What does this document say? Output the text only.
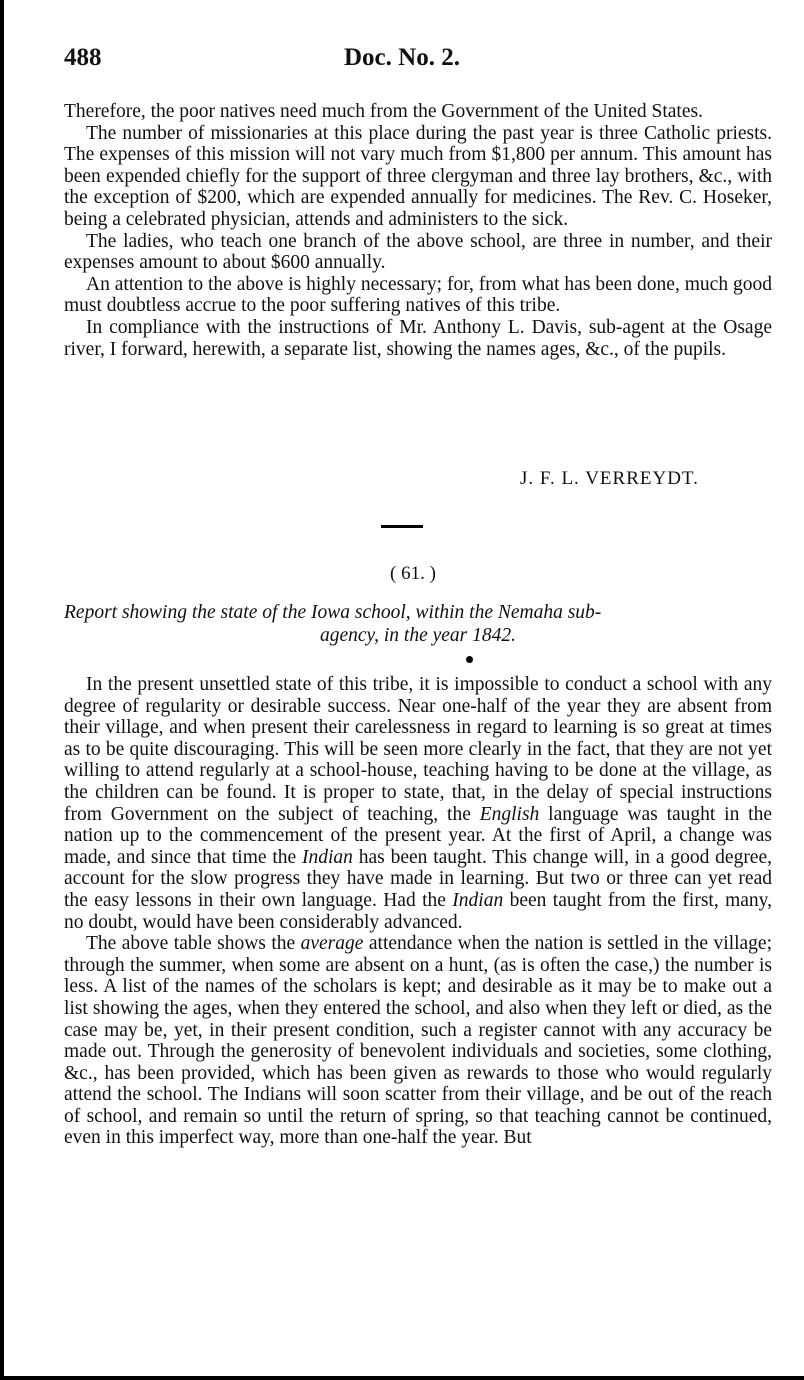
488	Doc. No. 2.

Therefore, the poor natives need much from the Government of the United States.

The number of missionaries at this place during the past year is three Catholic priests. The expenses of this mission will not vary much from $1,800 per annum. This amount has been expended chiefly for the support of three clergyman and three lay brothers, &c., with the exception of $200, which are expended annually for medicines. The Rev. C. Hoseker, being a celebrated physician, attends and administers to the sick.

The ladies, who teach one branch of the above school, are three in number, and their expenses amount to about $600 annually.

An attention to the above is highly necessary; for, from what has been done, much good must doubtless accrue to the poor suffering natives of this tribe.

In compliance with the instructions of Mr. Anthony L. Davis, sub-agent at the Osage river, I forward, herewith, a separate list, showing the names ages, &c., of the pupils.

J. F. L. VERREYDT.
( 61. )
Report showing the state of the Iowa school, within the Nemaha sub-
agency, in the year 1842.

In the present unsettled state of this tribe, it is impossible to conduct a school with any degree of regularity or desirable success. Near one-half of the year they are absent from their village, and when present their carelessness in regard to learning is so great at times as to be quite discouraging. This will be seen more clearly in the fact, that they are not yet willing to attend regularly at a school-house, teaching having to be done at the village, as the children can be found. It is proper to state, that, in the delay of special instructions from Government on the subject of teaching, the English language was taught in the nation up to the commencement of the present year. At the first of April, a change was made, and since that time the Indian has been taught. This change will, in a good degree, account for the slow progress they have made in learning. But two or three can yet read the easy lessons in their own language. Had the Indian been taught from the first, many, no doubt, would have been considerably advanced.

The above table shows the average attendance when the nation is settled in the village; through the summer, when some are absent on a hunt, (as is often the case,) the number is less. A list of the names of the scholars is kept; and desirable as it may be to make out a list showing the ages, when they entered the school, and also when they left or died, as the case may be, yet, in their present condition, such a register cannot with any accuracy be made out. Through the generosity of benevolent individuals and societies, some clothing, &c., has been provided, which has been given as rewards to those who would regularly attend the school. The Indians will soon scatter from their village, and be out of the reach of school, and remain so until the return of spring, so that teaching cannot be continued, even in this imperfect way, more than one-half the year. But
